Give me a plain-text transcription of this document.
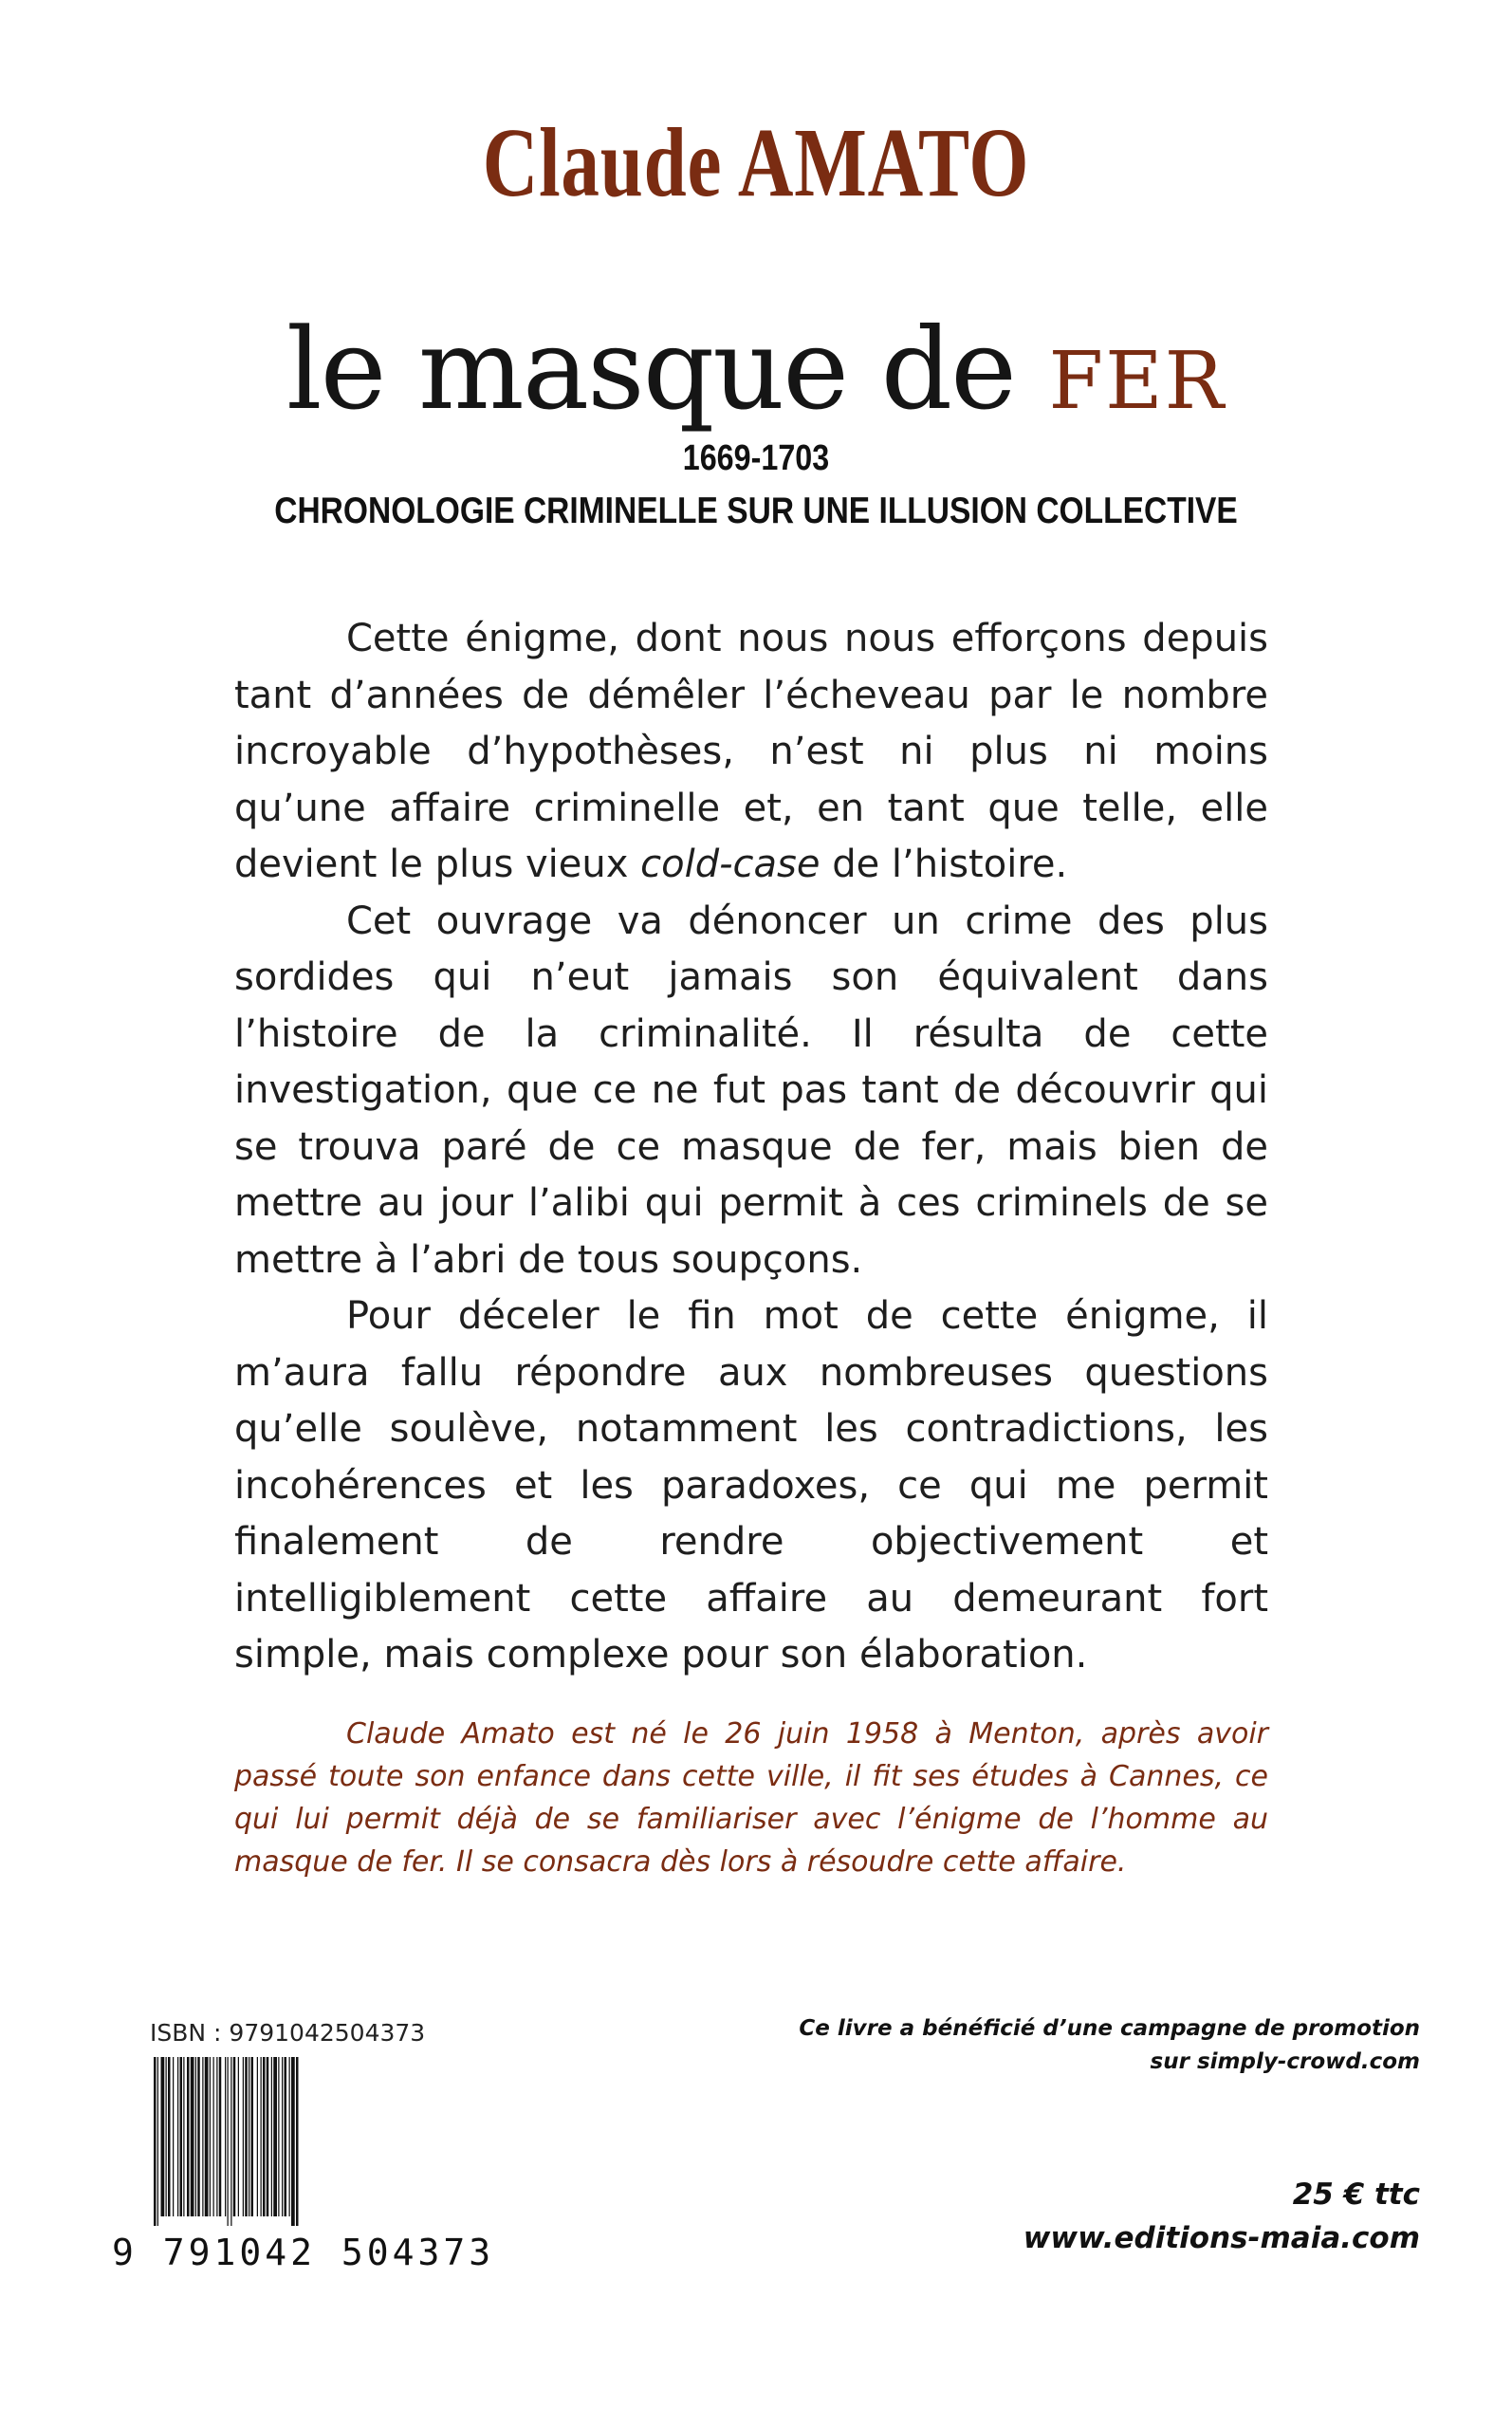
Claude AMATO
le masque de fer
1669-1703
CHRONOLOGIE CRIMINELLE SUR UNE ILLUSION COLLECTIVE

Cette énigme, dont nous nous efforçons depuis tant d’années de démêler l’écheveau par le nombre incroyable d’hypothèses, n’est ni plus ni moins qu’une affaire criminelle et, en tant que telle, elle devient le plus vieux cold-case de l’histoire.

Cet ouvrage va dénoncer un crime des plus sordides qui n’eut jamais son équivalent dans l’histoire de la criminalité. Il résulta de cette investigation, que ce ne fut pas tant de découvrir qui se trouva paré de ce masque de fer, mais bien de mettre au jour l’alibi qui permit à ces criminels de se mettre à l’abri de tous soupçons.

Pour déceler le fin mot de cette énigme, il m’aura fallu répondre aux nombreuses questions qu’elle soulève, notamment les contradictions, les incohérences et les paradoxes, ce qui me permit finalement de rendre objectivement et intelligiblement cette affaire au demeurant fort simple, mais complexe pour son élaboration.

Claude Amato est né le 26 juin 1958 à Menton, après avoir passé toute son enfance dans cette ville, il fit ses études à Cannes, ce qui lui permit déjà de se familiariser avec l’énigme de l’homme au masque de fer. Il se consacra dès lors à résoudre cette affaire.

ISBN : 9791042504373
9 791042 504373
Ce livre a bénéficié d’une campagne de promotion
sur simply-crowd.com
25 € ttc
www.editions-maia.com
